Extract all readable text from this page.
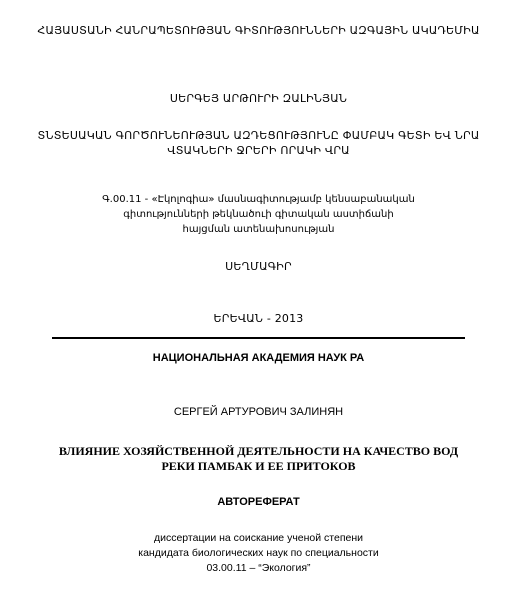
ՀԱՅԱՍՏԱՆԻ ՀԱՆՐԱՊԵՏՈՒԹՅԱՆ ԳԻՏՈՒԹՅՈՒՆՆԵՐԻ ԱԶԳԱՅԻՆ ԱԿԱԴԵՄԻԱ
ՍԵՐԳԵՅ ԱՐԹՈՒՐԻ ԶԱԼԻՆՅԱՆ
ՏՆՏԵՍԱԿԱՆ ԳՈՐԾՈՒՆԵՈՒԹՅԱՆ ԱԶԴԵՑՈՒԹՅՈՒՆԸ ՓԱՄԲԱԿ ԳԵՏԻ ԵՎ ՆՐԱ
ՎՏԱԿՆԵՐԻ ՋՐԵՐԻ ՈՐԱԿԻ ՎՐԱ
Գ.00.11 - «Էկոլոգիա» մասնագիտությամբ կենսաբանական
գիտությունների թեկնածուի գիտական աստիճանի
հայցման ատենախոսության
ՍԵՂՄԱԳԻՐ
ԵՐԵՎԱՆ - 2013
НАЦИОНАЛЬНАЯ АКАДЕМИЯ НАУК РА
СЕРГЕЙ АРТУРОВИЧ ЗАЛИНЯН
ВЛИЯНИЕ ХОЗЯЙСТВЕННОЙ ДЕЯТЕЛЬНОСТИ НА КАЧЕСТВО ВОД
РЕКИ ПАМБАК И ЕЕ ПРИТОКОВ
АВТОРЕФЕРАТ
диссертации на соискание ученой степени
кандидата биологических наук по специальности
03.00.11 – “Экология”
